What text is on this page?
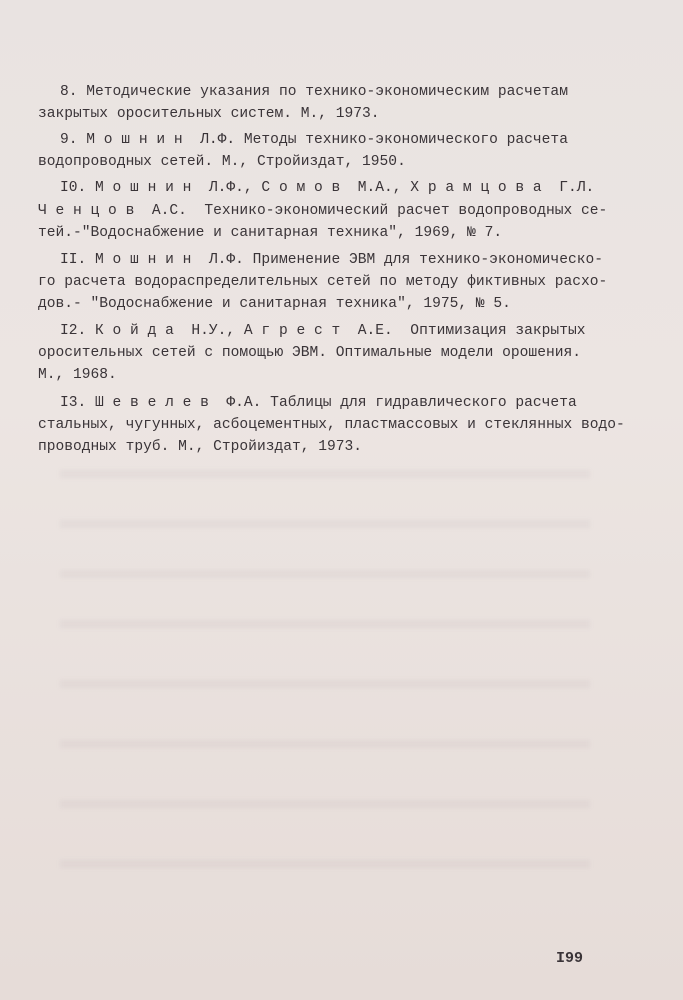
8. Методические указания по технико-экономическим расчетам
закрытых оросительных систем. М., 1973.
9. М о ш н и н  Л.Ф. Методы технико-экономического расчета
водопроводных сетей. М., Стройиздат, 1950.
I0. М о ш н и н  Л.Ф., С о м о в  М.А., Х р а м ц о в а  Г.Л.
Ч е н ц о в  А.С.  Технико-экономический расчет водопроводных се-
тей.-"Водоснабжение и санитарная техника", 1969, № 7.
II. М о ш н и н  Л.Ф. Применение ЭВМ для технико-экономическо-
го расчета водораспределительных сетей по методу фиктивных расхо-
дов.- "Водоснабжение и санитарная техника", 1975, № 5.
I2. К о й д а  Н.У., А г р е с т  А.Е.  Оптимизация закрытых
оросительных сетей с помощью ЭВМ. Оптимальные модели орошения.
М., 1968.
I3. Ш е в е л е в  Ф.А. Таблицы для гидравлического расчета
стальных, чугунных, асбоцементных, пластмассовых и стеклянных водо-
проводных труб. М., Стройиздат, 1973.
I99
